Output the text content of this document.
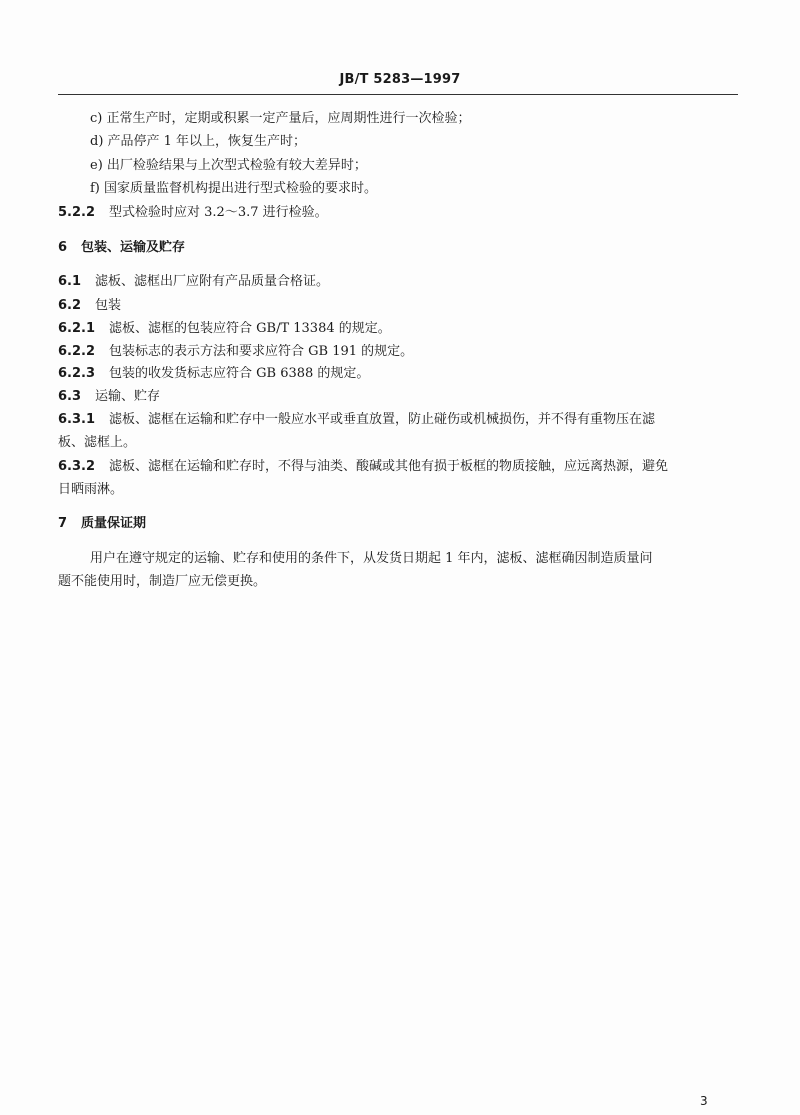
JB/T 5283—1997
c) 正常生产时，定期或积累一定产量后，应周期性进行一次检验；
d) 产品停产 1 年以上，恢复生产时；
e) 出厂检验结果与上次型式检验有较大差异时；
f) 国家质量监督机构提出进行型式检验的要求时。
5.2.2 型式检验时应对 3.2～3.7 进行检验。
6 包装、运输及贮存
6.1 滤板、滤框出厂应附有产品质量合格证。
6.2 包装
6.2.1 滤板、滤框的包装应符合 GB/T 13384 的规定。
6.2.2 包装标志的表示方法和要求应符合 GB 191 的规定。
6.2.3 包装的收发货标志应符合 GB 6388 的规定。
6.3 运输、贮存
6.3.1 滤板、滤框在运输和贮存中一般应水平或垂直放置，防止碰伤或机械损伤，并不得有重物压在滤
板、滤框上。
6.3.2 滤板、滤框在运输和贮存时，不得与油类、酸碱或其他有损于板框的物质接触，应远离热源，避免
日晒雨淋。
7 质量保证期
用户在遵守规定的运输、贮存和使用的条件下，从发货日期起 1 年内，滤板、滤框确因制造质量问
题不能使用时，制造厂应无偿更换。
3
